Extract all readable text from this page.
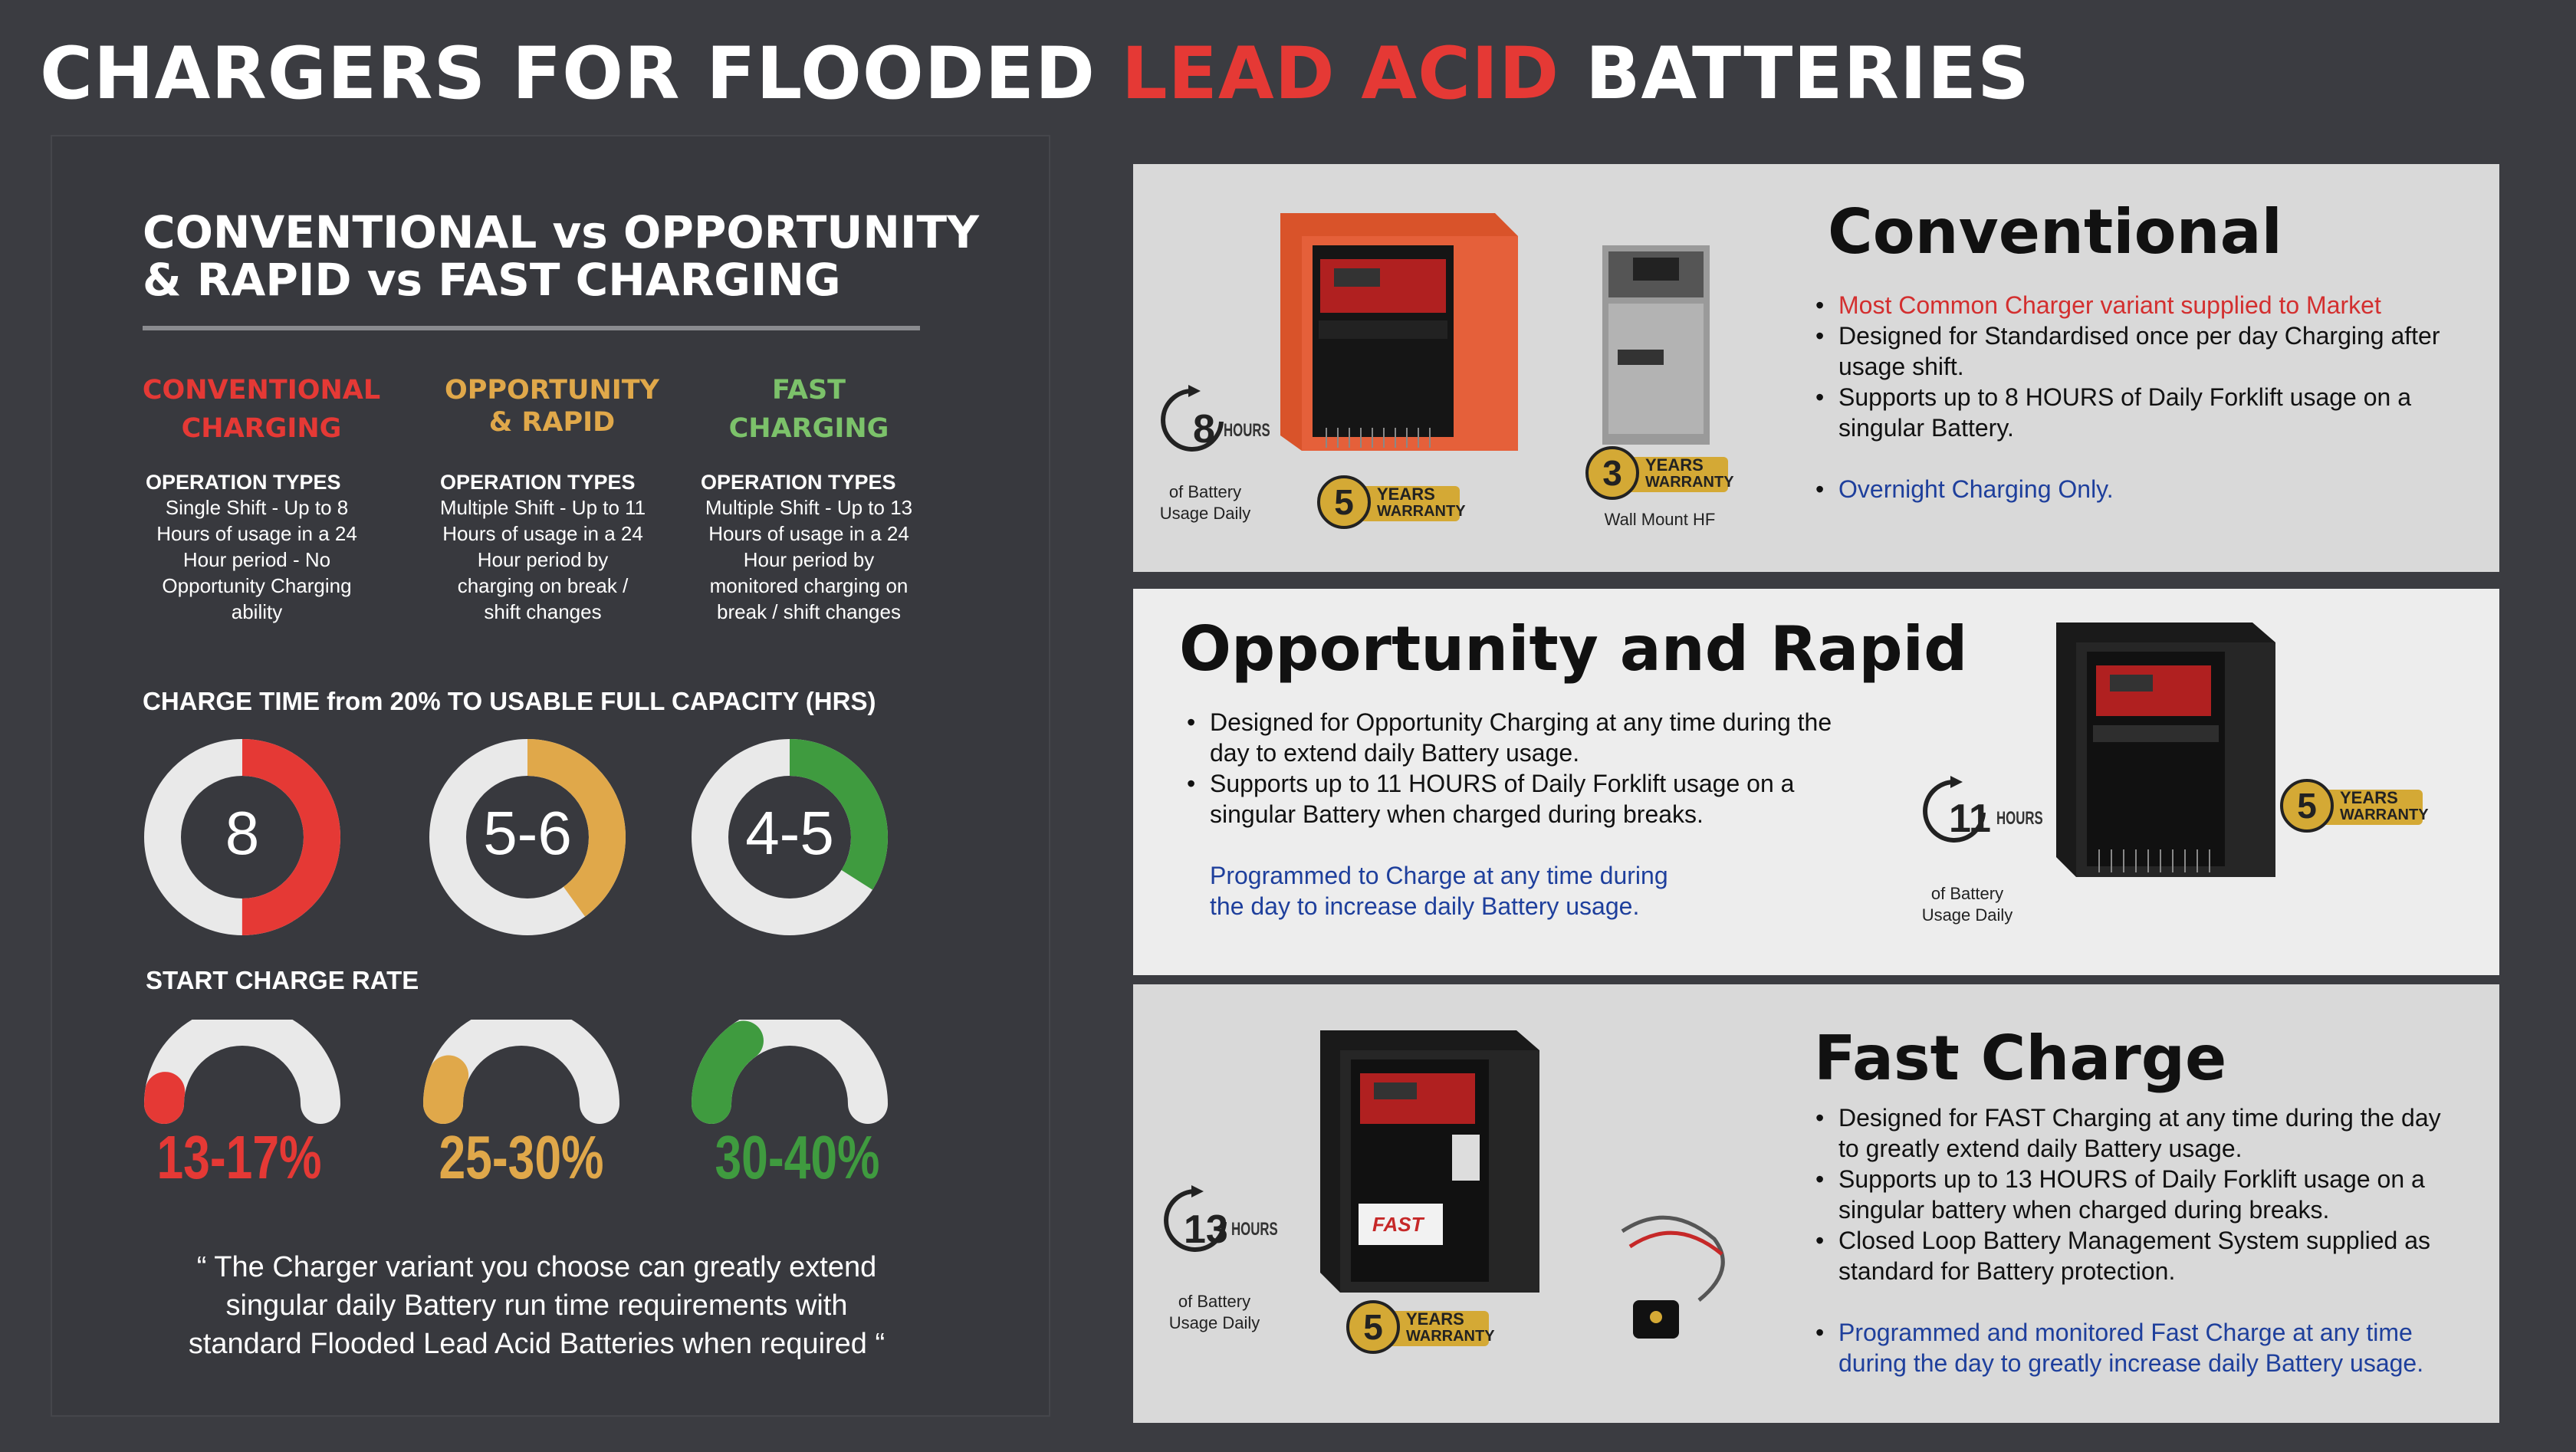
CHARGERS FOR FLOODED LEAD ACID BATTERIES
CONVENTIONAL vs OPPORTUNITY
& RAPID vs FAST CHARGING
CONVENTIONAL
CHARGING
OPPORTUNITY
& RAPID
FAST
CHARGING
OPERATION TYPES
Single Shift - Up to 8
Hours of usage in a 24
Hour period - No
Opportunity Charging
ability
OPERATION TYPES
Multiple Shift - Up to 11
Hours of usage in a 24
Hour period by
charging on break /
shift changes
OPERATION TYPES
Multiple Shift - Up to 13
Hours of usage in a 24
Hour period by
monitored charging on
break / shift changes
CHARGE TIME from 20% TO USABLE FULL CAPACITY (HRS)
8	5-6	4-5
START CHARGE RATE
13-17% 25-30% 30-40%
“ The Charger variant you choose can greatly extend
singular daily Battery run time requirements with
standard Flooded Lead Acid Batteries when required “
8 HOURS
of Battery
Usage Daily	5	YEARS
WARRANTY
3	YEARS
WARRANTY
Wall Mount HF
Conventional
• Most Common Charger variant supplied to Market
• Designed for Standardised once per day Charging after usage shift.
• Supports up to 8 HOURS of Daily Forklift usage on a singular Battery.
• Overnight Charging Only.
Opportunity and Rapid
• Designed for Opportunity Charging at any time during the day to extend daily Battery usage.
• Supports up to 11 HOURS of Daily Forklift usage on a singular Battery when charged during breaks.
Programmed to Charge at any time during
the day to increase daily Battery usage.
11 HOURS
of Battery
Usage Daily
5	YEARS
WARRANTY
FAST
13 HOURS
of Battery
Usage Daily	5	YEARS
WARRANTY
Fast Charge
• Designed for FAST Charging at any time during the day to greatly extend daily Battery usage.
• Supports up to 13 HOURS of Daily Forklift usage on a singular battery when charged during breaks.
• Closed Loop Battery Management System supplied as standard for Battery protection.
• Programmed and monitored Fast Charge at any time during the day to greatly increase daily Battery usage.
